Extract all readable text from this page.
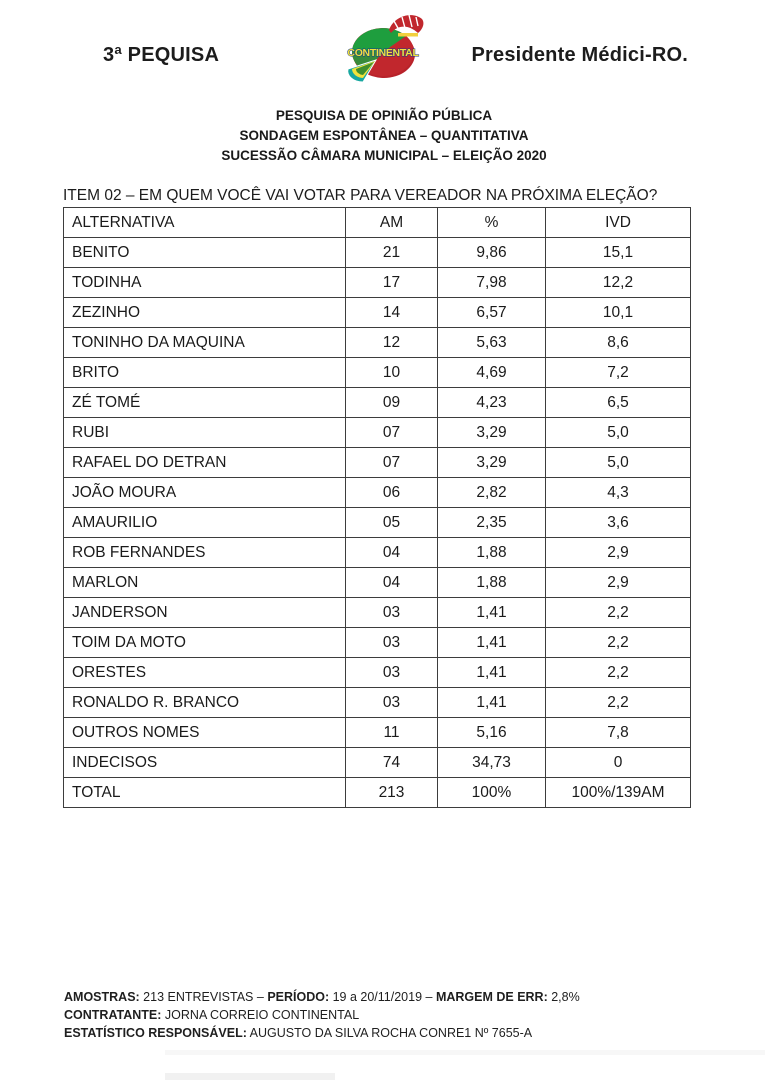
3ª PEQUISA	CONTINENTAL	Presidente Médici-RO.
PESQUISA DE OPINIÃO PÚBLICA
SONDAGEM ESPONTÂNEA – QUANTITATIVA
SUCESSÃO CÂMARA MUNICIPAL – ELEIÇÃO 2020
ITEM 02 – EM QUEM VOCÊ VAI VOTAR PARA VEREADOR NA PRÓXIMA ELEÇÃO?
ALTERNATIVA	AM	%	IVD
BENITO	21	9,86	15,1
TODINHA	17	7,98	12,2
ZEZINHO	14	6,57	10,1
TONINHO DA MAQUINA	12	5,63	8,6
BRITO	10	4,69	7,2
ZÉ TOMÉ	09	4,23	6,5
RUBI	07	3,29	5,0
RAFAEL DO DETRAN	07	3,29	5,0
JOÃO MOURA	06	2,82	4,3
AMAURILIO	05	2,35	3,6
ROB FERNANDES	04	1,88	2,9
MARLON	04	1,88	2,9
JANDERSON	03	1,41	2,2
TOIM DA MOTO	03	1,41	2,2
ORESTES	03	1,41	2,2
RONALDO R. BRANCO	03	1,41	2,2
OUTROS NOMES	11	5,16	7,8
INDECISOS	74	34,73	0
TOTAL	213	100%	100%/139AM
AMOSTRAS: 213 ENTREVISTAS – PERÍODO: 19 a 20/11/2019 – MARGEM DE ERR: 2,8%
CONTRATANTE: JORNA CORREIO CONTINENTAL
ESTATÍSTICO RESPONSÁVEL: AUGUSTO DA SILVA ROCHA CONRE1 Nº 7655-A
